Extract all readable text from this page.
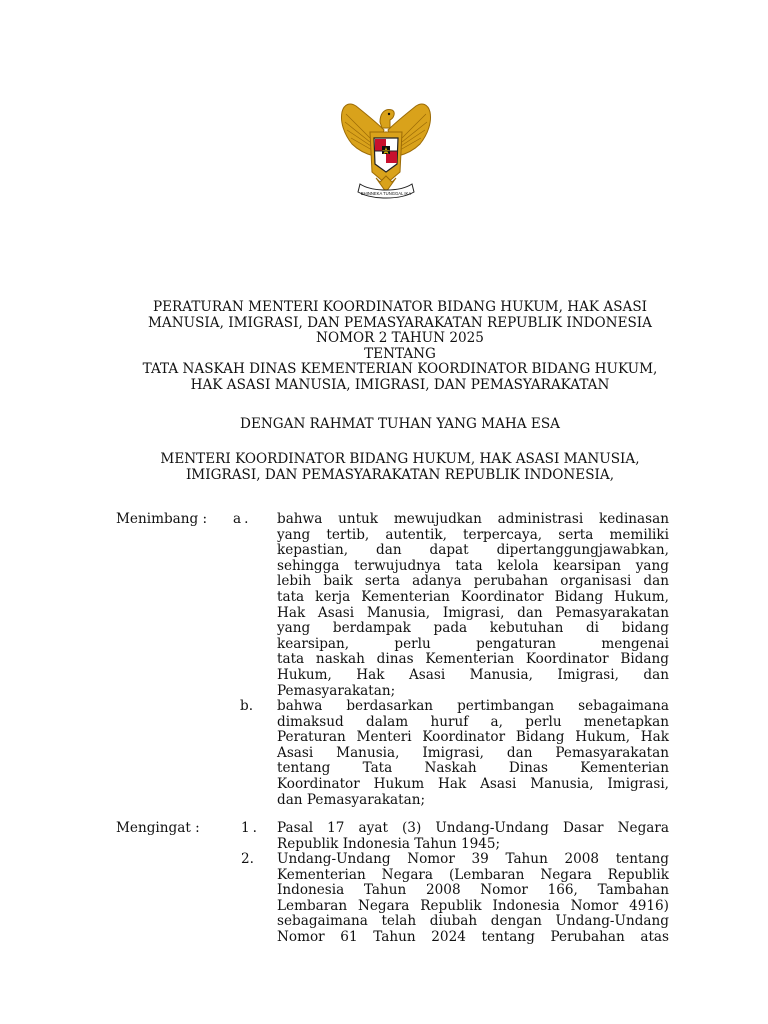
BHINNEKA TUNGGAL IKA
PERATURAN MENTERI KOORDINATOR BIDANG HUKUM, HAK ASASI
MANUSIA, IMIGRASI, DAN PEMASYARAKATAN REPUBLIK INDONESIA
NOMOR 2 TAHUN 2025
TENTANG
TATA NASKAH DINAS KEMENTERIAN KOORDINATOR BIDANG HUKUM,
HAK ASASI MANUSIA, IMIGRASI, DAN PEMASYARAKATAN
DENGAN RAHMAT TUHAN YANG MAHA ESA
MENTERI KOORDINATOR BIDANG HUKUM, HAK ASASI MANUSIA,
IMIGRASI, DAN PEMASYARAKATAN REPUBLIK INDONESIA,
Menimbang : a. bahwa untuk mewujudkan administrasi kedinasan
yang tertib, autentik, terpercaya, serta memiliki
kepastian, dan dapat dipertanggungjawabkan,
sehingga terwujudnya tata kelola kearsipan yang
lebih baik serta adanya perubahan organisasi dan
tata kerja Kementerian Koordinator Bidang Hukum,
Hak Asasi Manusia, Imigrasi, dan Pemasyarakatan
yang berdampak pada kebutuhan di bidang
kearsipan, perlu pengaturan mengenai
tata naskah dinas Kementerian Koordinator Bidang
Hukum, Hak Asasi Manusia, Imigrasi, dan
Pemasyarakatan;
b. bahwa berdasarkan pertimbangan sebagaimana
dimaksud dalam huruf a, perlu menetapkan
Peraturan Menteri Koordinator Bidang Hukum, Hak
Asasi Manusia, Imigrasi, dan Pemasyarakatan
tentang Tata Naskah Dinas Kementerian
Koordinator Hukum Hak Asasi Manusia, Imigrasi,
dan Pemasyarakatan;
Mengingat :	1. Pasal 17 ayat (3) Undang-Undang Dasar Negara
Republik Indonesia Tahun 1945;
2. Undang-Undang Nomor 39 Tahun 2008 tentang
Kementerian Negara (Lembaran Negara Republik
Indonesia Tahun 2008 Nomor 166, Tambahan
Lembaran Negara Republik Indonesia Nomor 4916)
sebagaimana telah diubah dengan Undang-Undang
Nomor 61 Tahun 2024 tentang Perubahan atas
